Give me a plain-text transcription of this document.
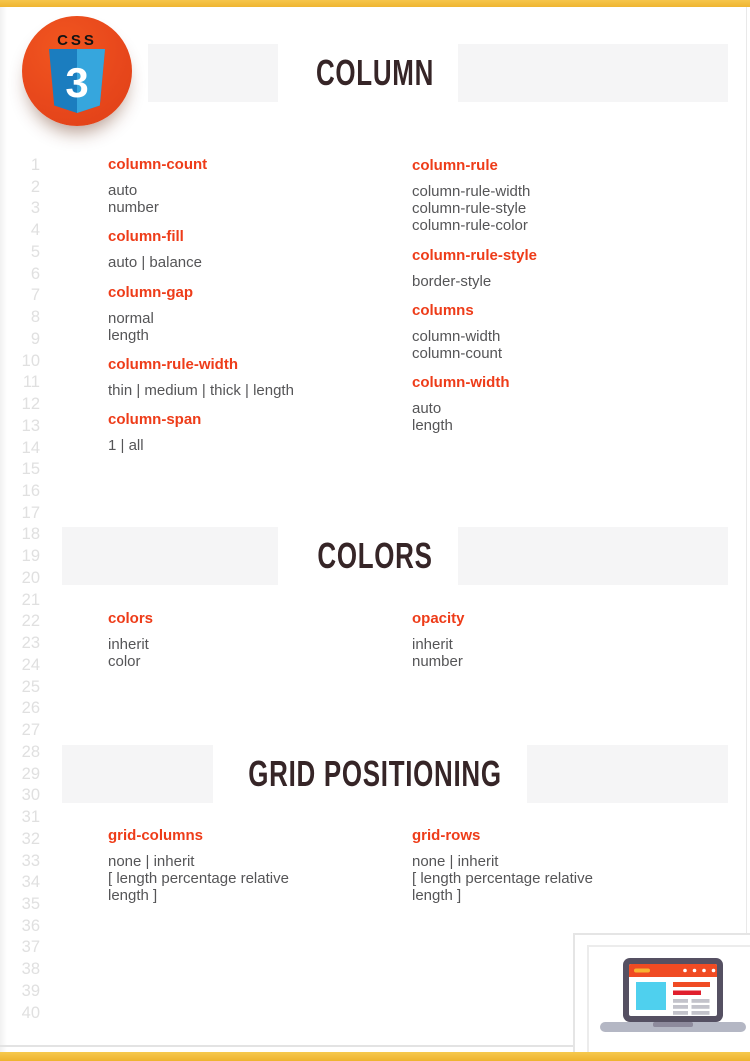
CSS
3	COLUMN
COLORS
GRID POSITIONING
1
2
3
4
5
6
7
8
9
10
11
12
13
14
15
16
17
18
19
20
21
22
23
24
25
26
27
28
29
30
31
32
33
34
35
36
37
38
39
40
column-count
auto
number
column-fill
auto | balance
column-gap
normal
length
column-rule-width
thin | medium | thick | length
column-span
1 | all
column-rule
column-rule-width
column-rule-style
column-rule-color
column-rule-style
border-style
columns
column-width
column-count
column-width
auto
length
colors
inherit
color
opacity
inherit
number
grid-columns
none | inherit
[ length percentage relative
length ]
grid-rows
none | inherit
[ length percentage relative
length ]
